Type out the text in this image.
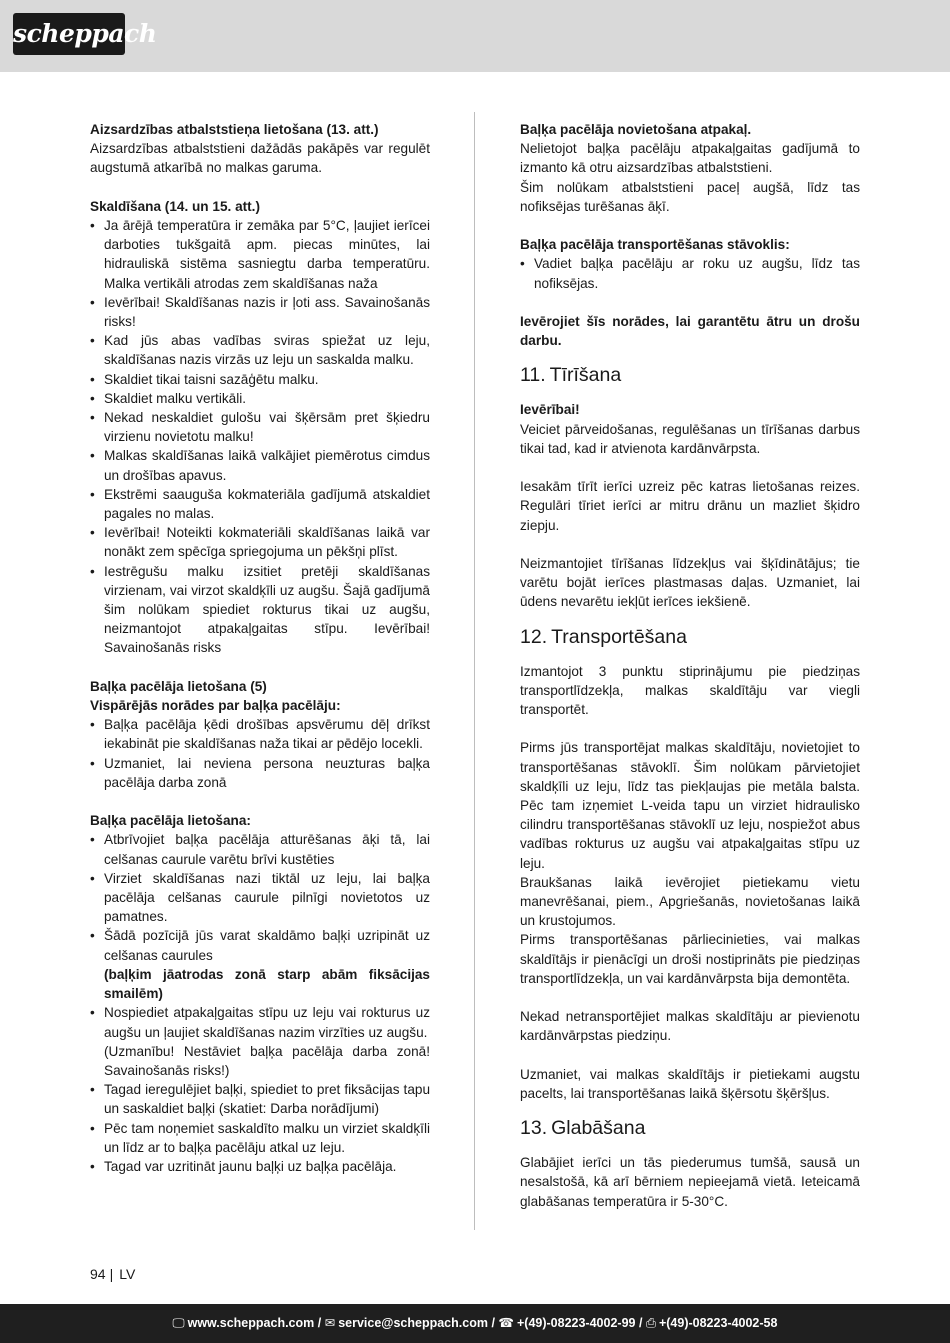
scheppach

Aizsardzības atbalststieņa lietošana (13. att.)

Aizsardzības atbalststieni dažādās pakāpēs var regulēt augstumā atkarībā no malkas garuma.

Skaldīšana (14. un 15. att.)

• Ja ārējā temperatūra ir zemāka par 5°C, ļaujiet ierīcei darboties tukšgaitā apm. piecas minūtes, lai hidrauliskā sistēma sasniegtu darba temperatūru. Malka vertikāli atrodas zem skaldīšanas naža
• Ievērībai! Skaldīšanas nazis ir ļoti ass. Savainošanās risks!
• Kad jūs abas vadības sviras spiežat uz leju, skaldīšanas nazis virzās uz leju un saskalda malku.
• Skaldiet tikai taisni sazāģētu malku.
• Skaldiet malku vertikāli.
• Nekad neskaldiet gulošu vai šķērsām pret šķiedru virzienu novietotu malku!
• Malkas skaldīšanas laikā valkājiet piemērotus cimdus un drošības apavus.
• Ekstrēmi saauguša kokmateriāla gadījumā atskaldiet pagales no malas.
• Ievērībai! Noteikti kokmateriāli skaldīšanas laikā var nonākt zem spēcīga spriegojuma un pēkšņi plīst.
• Iestrēgušu malku izsitiet pretēji skaldīšanas virzienam, vai virzot skaldķīli uz augšu. Šajā gadījumā šim nolūkam spiediet rokturus tikai uz augšu, neizmantojot atpakaļgaitas stīpu. Ievērībai! Savainošanās risks

Baļķa pacēlāja lietošana (5)

Vispārējās norādes par baļķa pacēlāju:

• Baļķa pacēlāja ķēdi drošības apsvērumu dēļ drīkst iekabināt pie skaldīšanas naža tikai ar pēdējo locekli.
• Uzmaniet, lai neviena persona neuzturas baļķa pacēlāja darba zonā

Baļķa pacēlāja lietošana:

• Atbrīvojiet baļķa pacēlāja atturēšanas āķi tā, lai celšanas caurule varētu brīvi kustēties
• Virziet skaldīšanas nazi tiktāl uz leju, lai baļķa pacēlāja celšanas caurule pilnīgi novietotos uz pamatnes.
• Šādā pozīcijā jūs varat skaldāmo baļķi uzripināt uz celšanas caurules
(baļķim jāatrodas zonā starp abām fiksācijas smailēm)
• Nospiediet atpakaļgaitas stīpu uz leju vai rokturus uz augšu un ļaujiet skaldīšanas nazim virzīties uz augšu.
(Uzmanību! Nestāviet baļķa pacēlāja darba zonā! Savainošanās risks!)
• Tagad ieregulējiet baļķi, spiediet to pret fiksācijas tapu un saskaldiet baļķi (skatiet: Darba norādījumi)
• Pēc tam noņemiet saskaldīto malku un virziet skaldķīli un līdz ar to baļķa pacēlāju atkal uz leju.
• Tagad var uzritināt jaunu baļķi uz baļķa pacēlāja.

Baļķa pacēlāja novietošana atpakaļ.

Nelietojot baļķa pacēlāju atpakaļgaitas gadījumā to izmanto kā otru aizsardzības atbalststieni.

Šim nolūkam atbalststieni paceļ augšā, līdz tas nofiksējas turēšanas āķī.

Baļķa pacēlāja transportēšanas stāvoklis:

• Vadiet baļķa pacēlāju ar roku uz augšu, līdz tas nofiksējas.

Ievērojiet šīs norādes, lai garantētu ātru un drošu darbu.

11. Tīrīšana

Ievērībai!

Veiciet pārveidošanas, regulēšanas un tīrīšanas darbus tikai tad, kad ir atvienota kardānvārpsta.

Iesakām tīrīt ierīci uzreiz pēc katras lietošanas reizes. Regulāri tīriet ierīci ar mitru drānu un mazliet šķidro ziepju.

Neizmantojiet tīrīšanas līdzekļus vai šķīdinātājus; tie varētu bojāt ierīces plastmasas daļas. Uzmaniet, lai ūdens nevarētu iekļūt ierīces iekšienē.

12. Transportēšana

Izmantojot 3 punktu stiprinājumu pie piedziņas transportlīdzekļa, malkas skaldītāju var viegli transportēt.

Pirms jūs transportējat malkas skaldītāju, novietojiet to transportēšanas stāvoklī. Šim nolūkam pārvietojiet skaldķīli uz leju, līdz tas piekļaujas pie metāla balsta. Pēc tam izņemiet L-veida tapu un virziet hidraulisko cilindru transportēšanas stāvoklī uz leju, nospiežot abus vadības rokturus uz augšu vai atpakaļgaitas stīpu uz leju.

Braukšanas laikā ievērojiet pietiekamu vietu manevrēšanai, piem., Apgriešanās, novietošanas laikā un krustojumos.

Pirms transportēšanas pārliecinieties, vai malkas skaldītājs ir pienācīgi un droši nostiprināts pie piedziņas transportlīdzekļa, un vai kardānvārpsta bija demontēta.

Nekad netransportējiet malkas skaldītāju ar pievienotu kardānvārpstas piedziņu.

Uzmaniet, vai malkas skaldītājs ir pietiekami augstu pacelts, lai transportēšanas laikā šķērsotu šķēršļus.

13. Glabāšana

Glabājiet ierīci un tās piederumus tumšā, sausā un nesalstošā, kā arī bērniem nepieejamā vietā. Ieteicamā glabāšanas temperatūra ir 5-30°C.

94 | LV
🖵 www.scheppach.com / ✉ service@scheppach.com / ☎ +(49)-08223-4002-99 / ⎙ +(49)-08223-4002-58
